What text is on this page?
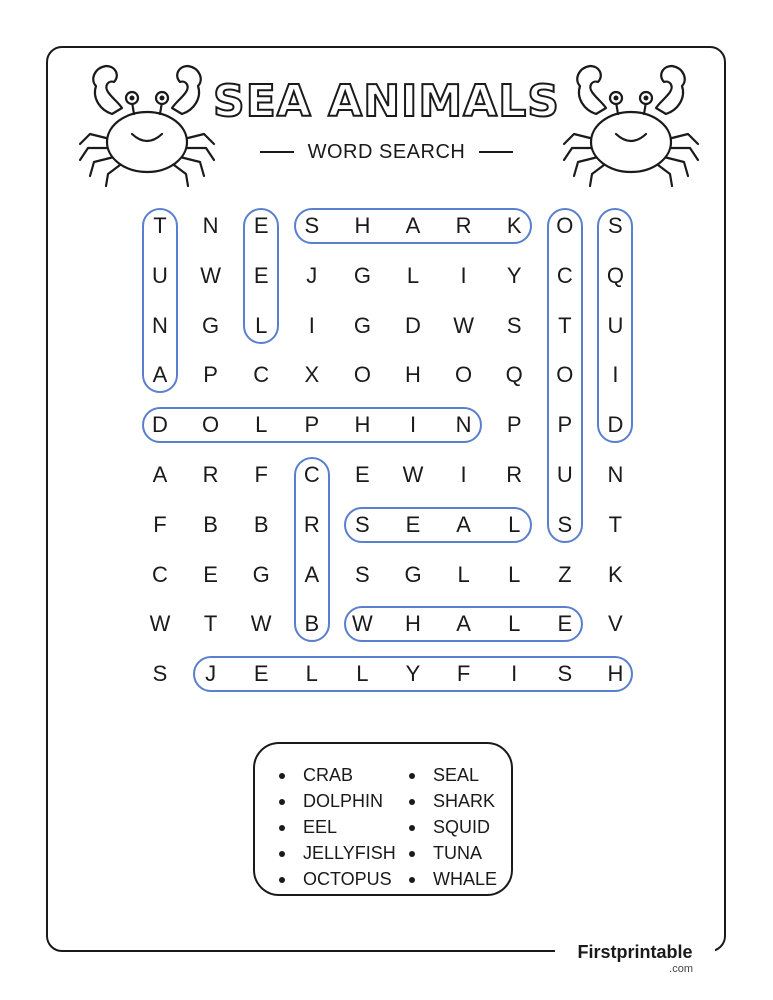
SEA ANIMALS
WORD SEARCH
T	N	E	S	H	A	R	K	O	S
U	W	E	J	G	L	I	Y	C	Q
N	G	L	I	G	D	W	S	T	U
A	P	C	X	O	H	O	Q	O	I
D	O	L	P	H	I	N	P	P	D
A	R	F	C	E	W	I	R	U	N
F	B	B	R	S	E	A	L	S	T
C	E	G	A	S	G	L	L	Z	K
W	T	W	B	W	H	A	L	E	V
S	J	E	L	L	Y	F	I	S	H
CRAB
DOLPHIN
EEL
JELLYFISH
OCTOPUS
SEAL
SHARK
SQUID
TUNA
WHALE
Firstprintable
.com
